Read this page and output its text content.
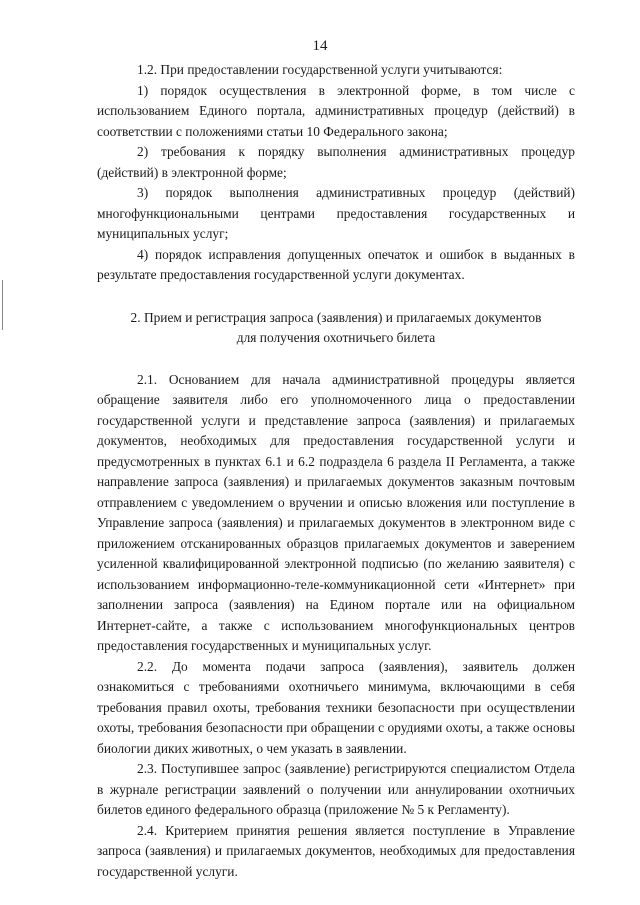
14

1.2. При предоставлении государственной услуги учитываются:

1) порядок осуществления в электронной форме, в том числе с использованием Единого портала, административных процедур (действий) в соответствии с положениями статьи 10 Федерального закона;

2) требования к порядку выполнения административных процедур (действий) в электронной форме;

3) порядок выполнения административных процедур (действий) многофункциональными центрами предоставления государственных и муниципальных услуг;

4) порядок исправления допущенных опечаток и ошибок в выданных в результате предоставления государственной услуги документах.

2. Прием и регистрация запроса (заявления) и прилагаемых документов
для получения охотничьего билета

2.1. Основанием для начала административной процедуры является обращение заявителя либо его уполномоченного лица о предоставлении государственной услуги и представление запроса (заявления) и прилагаемых документов, необходимых для предоставления государственной услуги и предусмотренных в пунктах 6.1 и 6.2 подраздела 6 раздела II Регламента, а также направление запроса (заявления) и прилагаемых документов заказным почтовым отправлением с уведомлением о вручении и описью вложения или поступление в Управление запроса (заявления) и прилагаемых документов в электронном виде с приложением отсканированных образцов прилагаемых документов и заверением усиленной квалифицированной электронной подписью (по желанию заявителя) с использованием информационно-теле-коммуникационной сети «Интернет» при заполнении запроса (заявления) на Едином портале или на официальном Интернет-сайте, а также с использованием многофункциональных центров предоставления государственных и муниципальных услуг.

2.2. До момента подачи запроса (заявления), заявитель должен ознакомиться с требованиями охотничьего минимума, включающими в себя требования правил охоты, требования техники безопасности при осуществлении охоты, требования безопасности при обращении с орудиями охоты, а также основы биологии диких животных, о чем указать в заявлении.

2.3. Поступившее запрос (заявление) регистрируются специалистом Отдела в журнале регистрации заявлений о получении или аннулировании охотничьих билетов единого федерального образца (приложение № 5 к Регламенту).

2.4. Критерием принятия решения является поступление в Управление запроса (заявления) и прилагаемых документов, необходимых для предоставления государственной услуги.
